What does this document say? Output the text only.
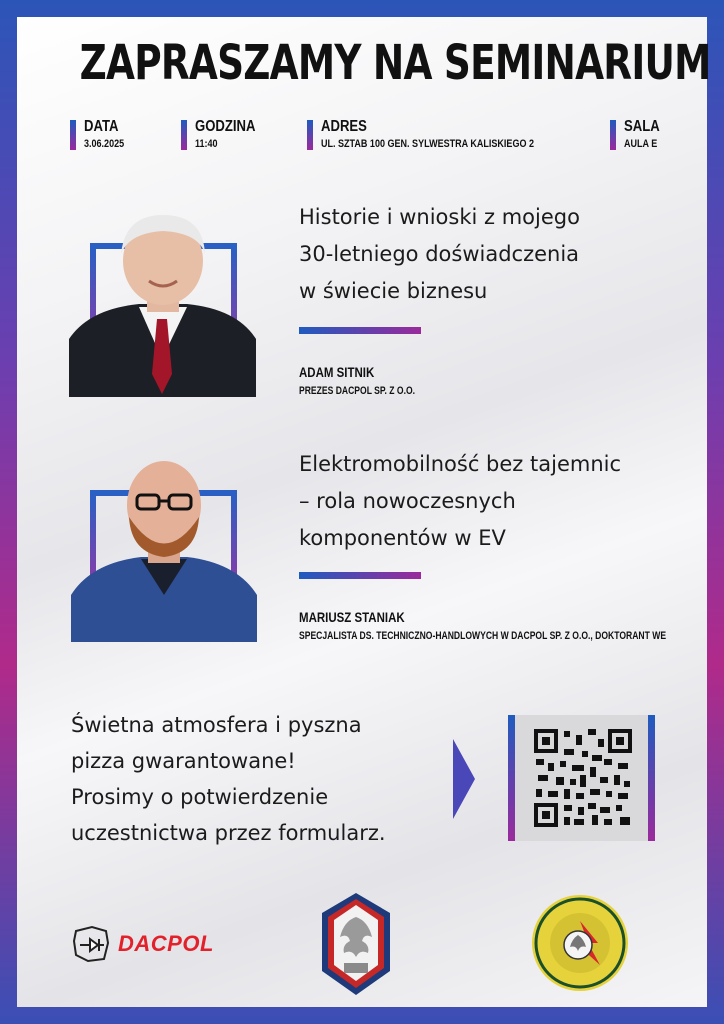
ZAPRASZAMY NA SEMINARIUM
DATA
3.06.2025
GODZINA
11:40
ADRES
UL. SZTAB 100 GEN. SYLWESTRA KALISKIEGO 2
SALA
AULA E
Historie i wnioski z mojego
30-letniego doświadczenia
w świecie biznesu
ADAM SITNIK
PREZES DACPOL SP. Z O.O.
Elektromobilność bez tajemnic
– rola nowoczesnych
komponentów w EV
MARIUSZ STANIAK
SPECJALISTA DS. TECHNICZNO-HANDLOWYCH W DACPOL SP. Z O.O., DOKTORANT WE
Świetna atmosfera i pyszna
pizza gwarantowane!
Prosimy o potwierdzenie
uczestnictwa przez formularz.
DACPOL
